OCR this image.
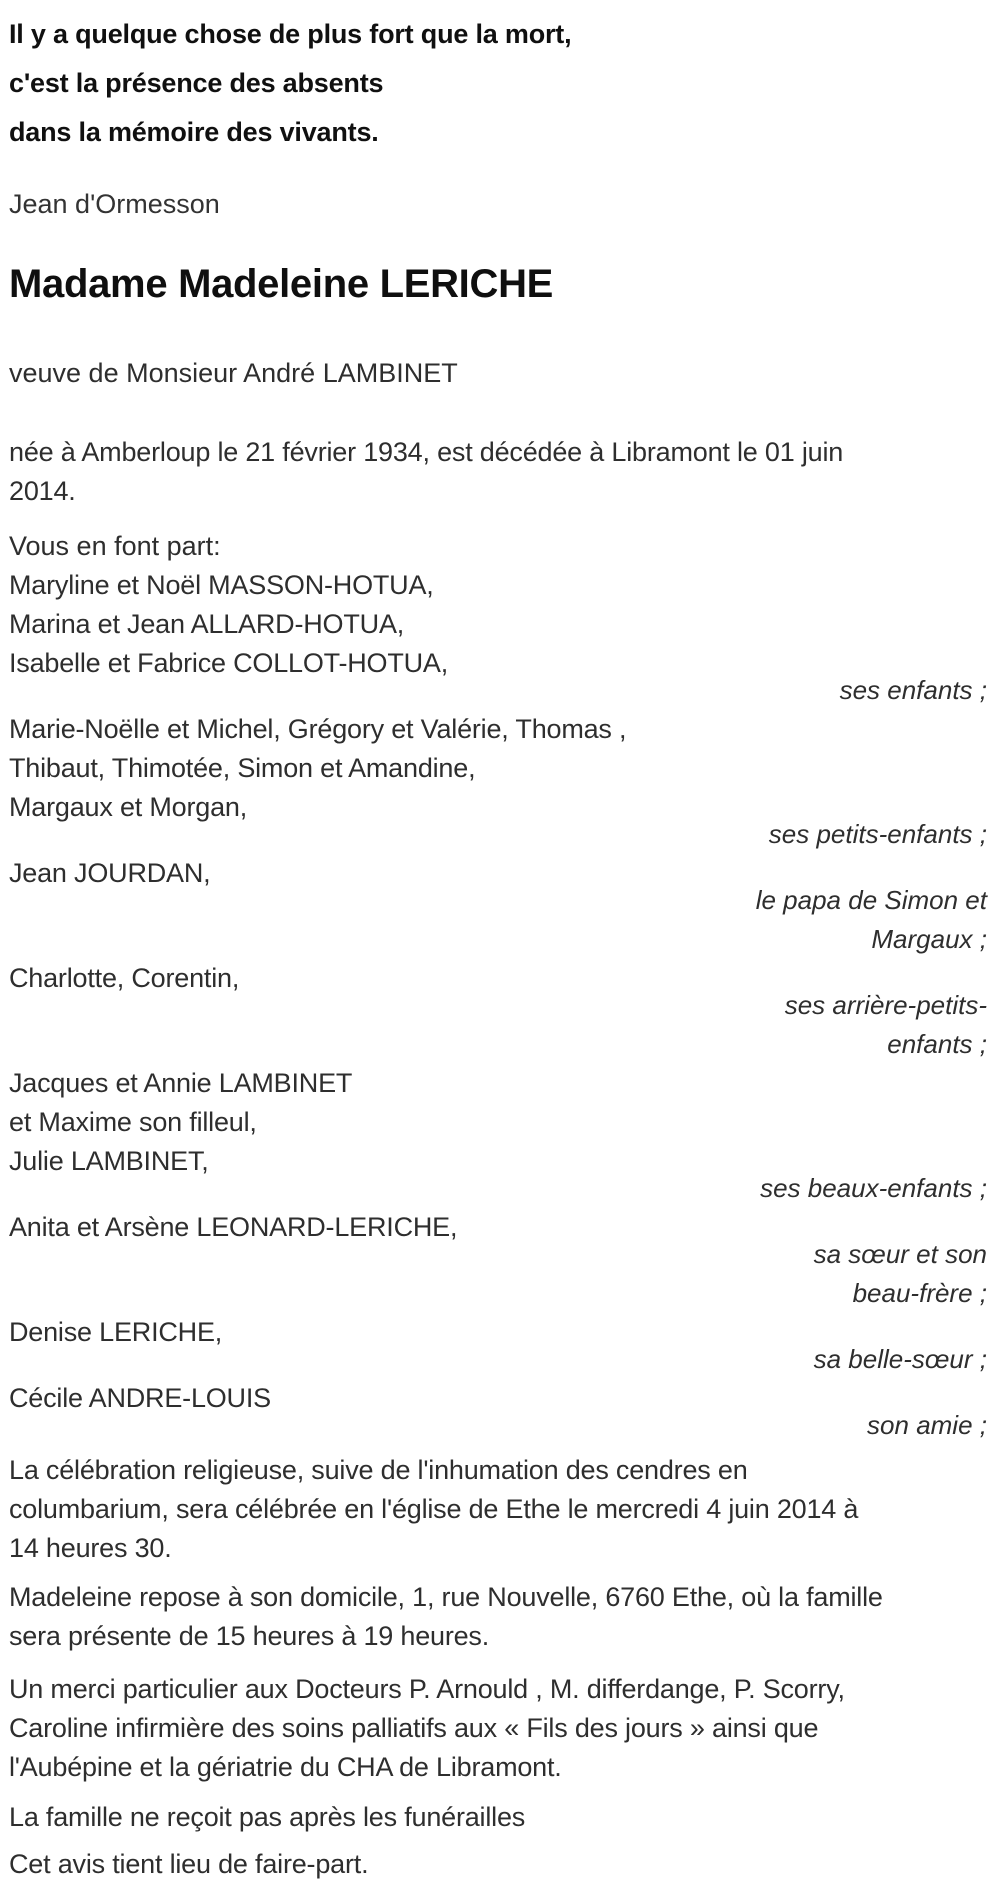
Il y a quelque chose de plus fort que la mort,
c'est la présence des absents
dans la mémoire des vivants.
Jean d'Ormesson
Madame Madeleine LERICHE
veuve de Monsieur André LAMBINET
née à Amberloup le 21 février 1934, est décédée à Libramont le 01 juin
2014.
Vous en font part:
Maryline et Noël MASSON-HOTUA,
Marina et Jean ALLARD-HOTUA,
Isabelle et Fabrice COLLOT-HOTUA,
ses enfants ;
Marie-Noëlle et Michel, Grégory et Valérie, Thomas ,
Thibaut, Thimotée, Simon et Amandine,
Margaux et Morgan,
ses petits-enfants ;
Jean JOURDAN,
le papa de Simon et
Margaux ;
Charlotte, Corentin,
ses arrière-petits-
enfants ;
Jacques et Annie LAMBINET
et Maxime son filleul,
Julie LAMBINET,
ses beaux-enfants ;
Anita et Arsène LEONARD-LERICHE,
sa sœur et son
beau-frère ;
Denise LERICHE,
sa belle-sœur ;
Cécile ANDRE-LOUIS
son amie ;
La célébration religieuse, suive de l'inhumation des cendres en
columbarium, sera célébrée en l'église de Ethe le mercredi 4 juin 2014 à
14 heures 30.
Madeleine repose à son domicile, 1, rue Nouvelle, 6760 Ethe, où la famille
sera présente de 15 heures à 19 heures.
Un merci particulier aux Docteurs P. Arnould , M. differdange, P. Scorry,
Caroline infirmière des soins palliatifs aux « Fils des jours » ainsi que
l'Aubépine et la gériatrie du CHA de Libramont.
La famille ne reçoit pas après les funérailles
Cet avis tient lieu de faire-part.
